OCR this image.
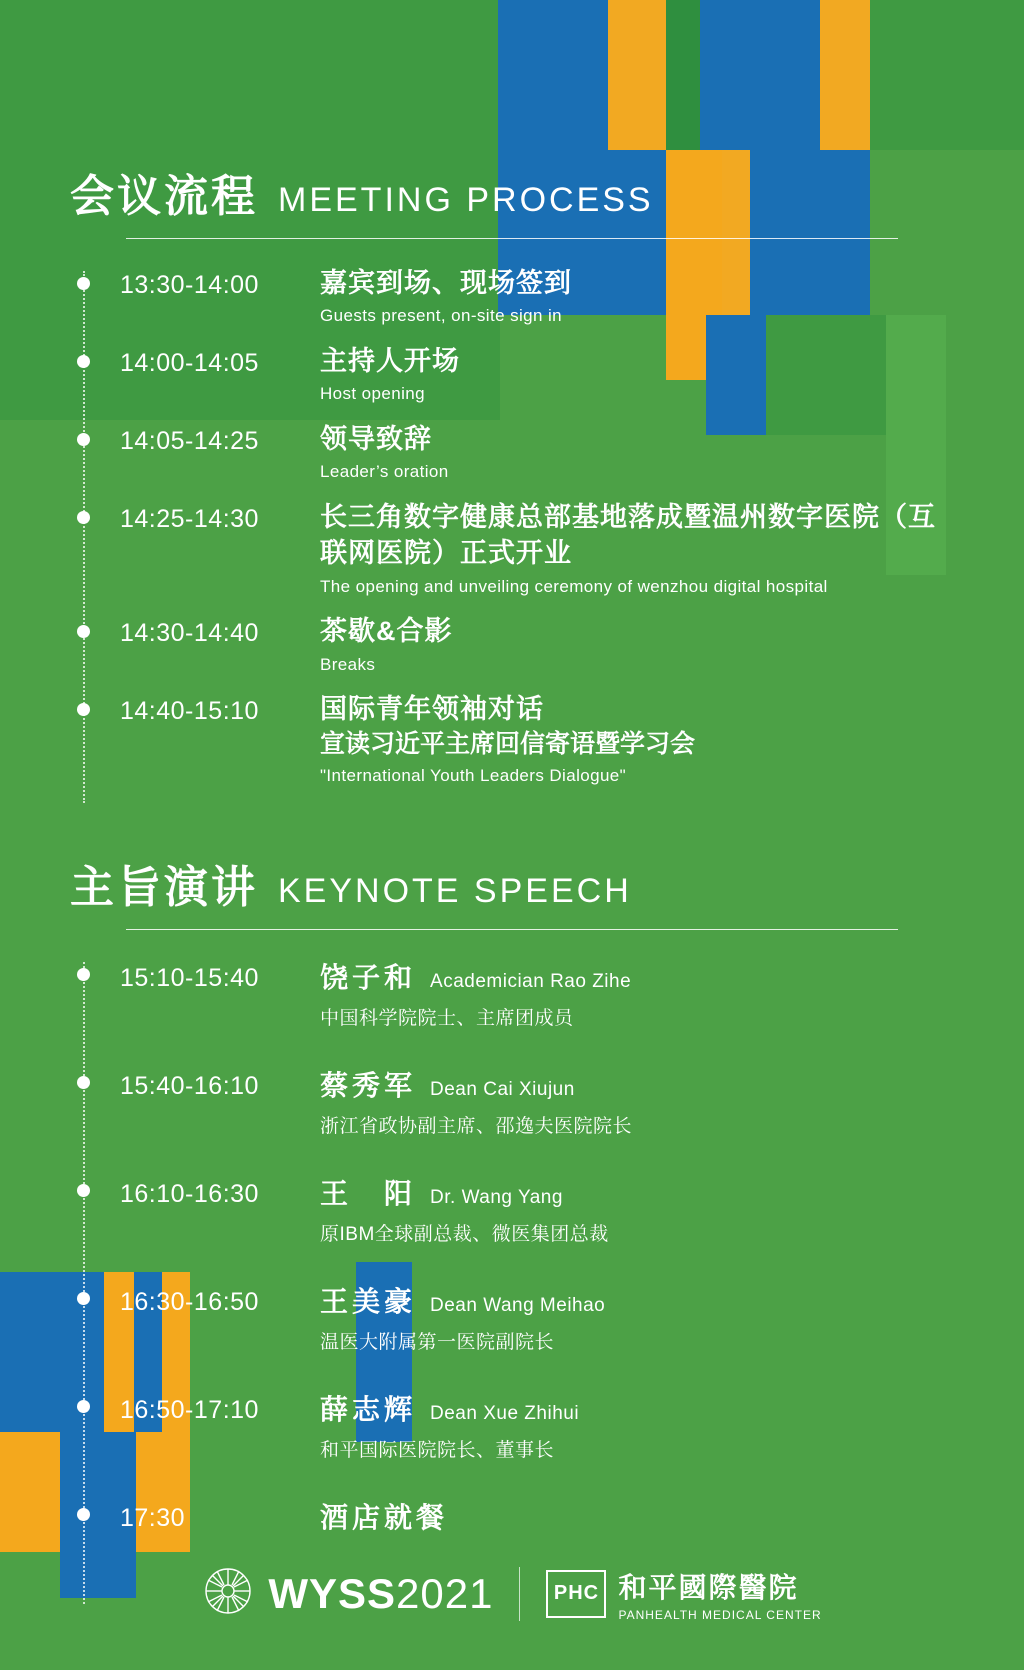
会议流程 MEETING PROCESS
13:30-14:00	嘉宾到场、现场签到
Guests present, on-site sign in
14:00-14:05	主持人开场
Host opening
14:05-14:25	领导致辞
Leader’s oration
14:25-14:30	长三角数字健康总部基地落成暨温州数字医院（互联网医院）正式开业
The opening and unveiling ceremony of wenzhou digital hospital
14:30-14:40	茶歇&合影
Breaks
14:40-15:10	国际青年领袖对话
宣读习近平主席回信寄语暨学习会
"International Youth Leaders Dialogue"
主旨演讲 KEYNOTE SPEECH
15:10-15:40	饶子和 Academician Rao Zihe
中国科学院院士、主席团成员
15:40-16:10	蔡秀军 Dean Cai Xiujun
浙江省政协副主席、邵逸夫医院院长
16:10-16:30	王　阳 Dr. Wang Yang
原IBM全球副总裁、微医集团总裁
16:30-16:50	王美豪 Dean Wang Meihao
温医大附属第一医院副院长
16:50-17:10	薛志辉 Dean Xue Zhihui
和平国际医院院长、董事长
17:30	酒店就餐
WYSS2021	PHC 和平國際醫院
PANHEALTH MEDICAL CENTER
